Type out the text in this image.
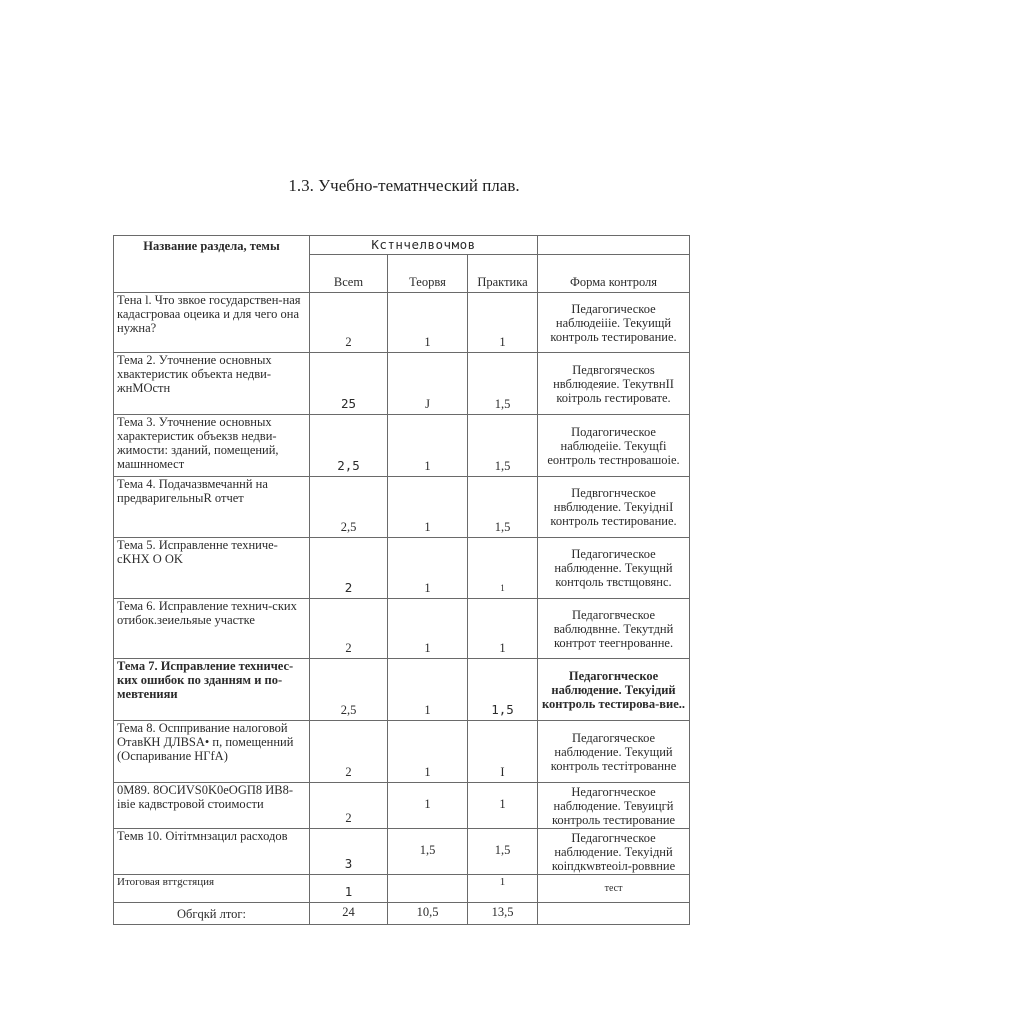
1.3. Учебно-тематнческий плав.
Название раздела, темы	Кстнчелвочмов			
	Bcem	Теорвя	Практика	Форма контроля
Тена l. Что звкое государствен-ная кадасгроваа оцеика и для чего она нужна?	2	1	1	Педагогическое наблюдеiiie. Текуищй контроль тестирование.
Тема 2. Уточнение основных хвактеристик объекта недви-жнМОстн	25	J	1,5	Педвгогяческоs нвблюдеяие. ТекутвнII коiтроль гестировате.
Тема 3. Уточнение основных характеристик объекзв недви-жимости: зданий, помещений, машнномест	2,5	1	1,5	Подагогическое наблюдеiie. Текущfi еонтроль тестнровашоie.
Тема 4. Подачазвмечаннй на предваригельныR отчет	2,5	1	1,5	Педвгогнческое нвблюдение. ТекуiднiI контроль тестирование.
Тема 5. Исправленне техниче-cKHX O OK	2	1	1	Педагогическое наблюденне. Текущнй контqоль твстщовянс.
Тема 6. Исправление технич-ских отибок.зеиельяые участке	2	1	1	Педагогвческое ваблюдвнне. Текутднй контрот теегнрованне.
Тема 7. Исправление техничес-ких ошибок по зданням и по-мевтенияи	2,5	1	1,5	Педагогнческое наблюдение. Текуiдий контроль тестирова-вие..
Тема 8. Осппривание налоговой OтавКН ДЛВSA• п, помещенний (Оспаривание НГfА)	2	1	I	Педагогяческое наблюдение. Текущий контроль тестiтрованне
0M89. 8OCИVS0K0eOGП8 ИВ8-iвiе кадвстровой стоимости	2	1	1	Недагогнческое наблюдение. Тевуицгй контроль тестирование
Темв 10. Оiтiтмнзацил расходов	3	1,5	1,5	Педагогнческое наблюдение. Текуiднй коiпдкwвтеоiл-роввние
Итоговая вттgстяция	1		1	тест
Обгqкй лтог:	24	10,5	13,5	
